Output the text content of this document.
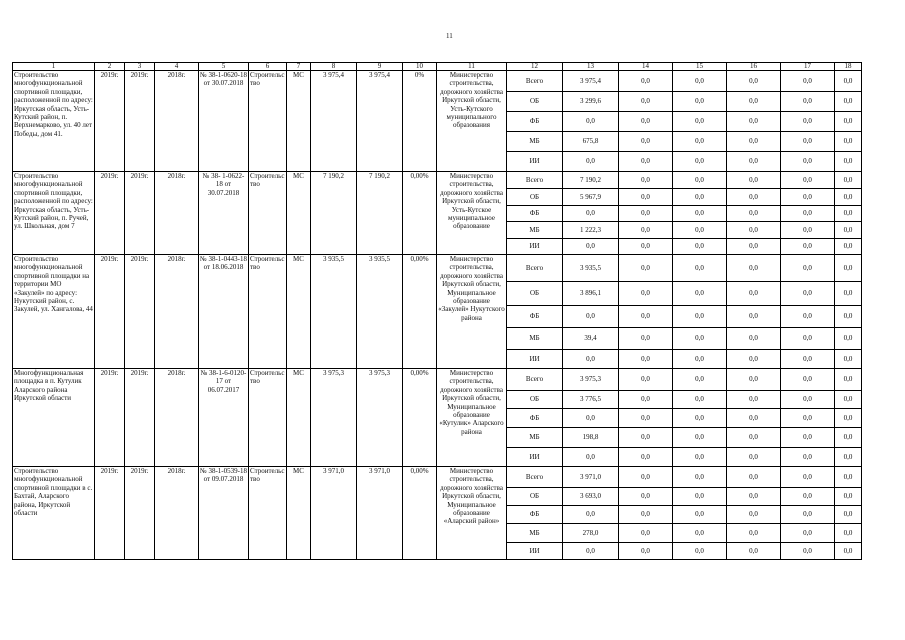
11
1	2	3	4	5	6	7	8	9	10	11	12	13	14	15	16	17	18
Строительство многофункциональной спортивной площадки, расположенной по адресу: Иркутская область, Усть-Кутский район, п. Верхнемарково, ул. 40 лет Победы, дом 41.	2019г.	2019г.	2018г.	№ 38-1-0620-18 от 30.07.2018	Строительство	МС	3 975,4	3 975,4	0%	Министерство строительства, дорожного хозяйства Иркутской области, Усть-Кутского муниципального образования	Всего	3 975,4	0,0	0,0	0,0	0,0	0,0
											ОБ	3 299,6	0,0	0,0	0,0	0,0	0,0
											ФБ	0,0	0,0	0,0	0,0	0,0	0,0
											МБ	675,8	0,0	0,0	0,0	0,0	0,0
											ИИ	0,0	0,0	0,0	0,0	0,0	0,0
Строительство многофункциональной спортивной площадки, расположенной по адресу: Иркутская область, Усть-Кутский район, п. Ручей, ул. Школьная, дом 7	2019г.	2019г.	2018г.	№ 38- 1-0622-18 от 30.07.2018	Строительство	МС	7 190,2	7 190,2	0,00%	Министерство строительства, дорожного хозяйства Иркутской области, Усть-Кутское муниципальное образование	Всего	7 190,2	0,0	0,0	0,0	0,0	0,0
											ОБ	5 967,9	0,0	0,0	0,0	0,0	0,0
											ФБ	0,0	0,0	0,0	0,0	0,0	0,0
											МБ	1 222,3	0,0	0,0	0,0	0,0	0,0
											ИИ	0,0	0,0	0,0	0,0	0,0	0,0
Строительство многофункциональной спортивной площадки на территории МО «Закулей» по адресу: Нукутский район, с. Закулей, ул. Хангалова, 44	2019г.	2019г.	2018г.	№ 38-1-0443-18 от 18.06.2018	Строительство	МС	3 935,5	3 935,5	0,00%	Министерство строительства, дорожного хозяйства Иркутской области, Муниципальное образование «Закулей» Нукутского района	Всего	3 935,5	0,0	0,0	0,0	0,0	0,0
											ОБ	3 896,1	0,0	0,0	0,0	0,0	0,0
											ФБ	0,0	0,0	0,0	0,0	0,0	0,0
											МБ	39,4	0,0	0,0	0,0	0,0	0,0
											ИИ	0,0	0,0	0,0	0,0	0,0	0,0
Многофункциональная площадка в п. Кутулик Аларского района Иркутской области	2019г.	2019г.	2018г.	№ 38-1-6-0120-17 от 06.07.2017	Строительство	МС	3 975,3	3 975,3	0,00%	Министерство строительства, дорожного хозяйства Иркутской области, Муниципальное образование «Кутулик» Аларского района	Всего	3 975,3	0,0	0,0	0,0	0,0	0,0
											ОБ	3 776,5	0,0	0,0	0,0	0,0	0,0
											ФБ	0,0	0,0	0,0	0,0	0,0	0,0
											МБ	198,8	0,0	0,0	0,0	0,0	0,0
											ИИ	0,0	0,0	0,0	0,0	0,0	0,0
Строительство многофункциональной спортивной площадки в с. Бахтай, Аларского района, Иркутской области	2019г.	2019г.	2018г.	№ 38-1-0539-18 от 09.07.2018	Строительство	МС	3 971,0	3 971,0	0,00%	Министерство строительства, дорожного хозяйства Иркутской области, Муниципальное образование «Аларский район»	Всего	3 971,0	0,0	0,0	0,0	0,0	0,0
											ОБ	3 693,0	0,0	0,0	0,0	0,0	0,0
											ФБ	0,0	0,0	0,0	0,0	0,0	0,0
											МБ	278,0	0,0	0,0	0,0	0,0	0,0
											ИИ	0,0	0,0	0,0	0,0	0,0	0,0
